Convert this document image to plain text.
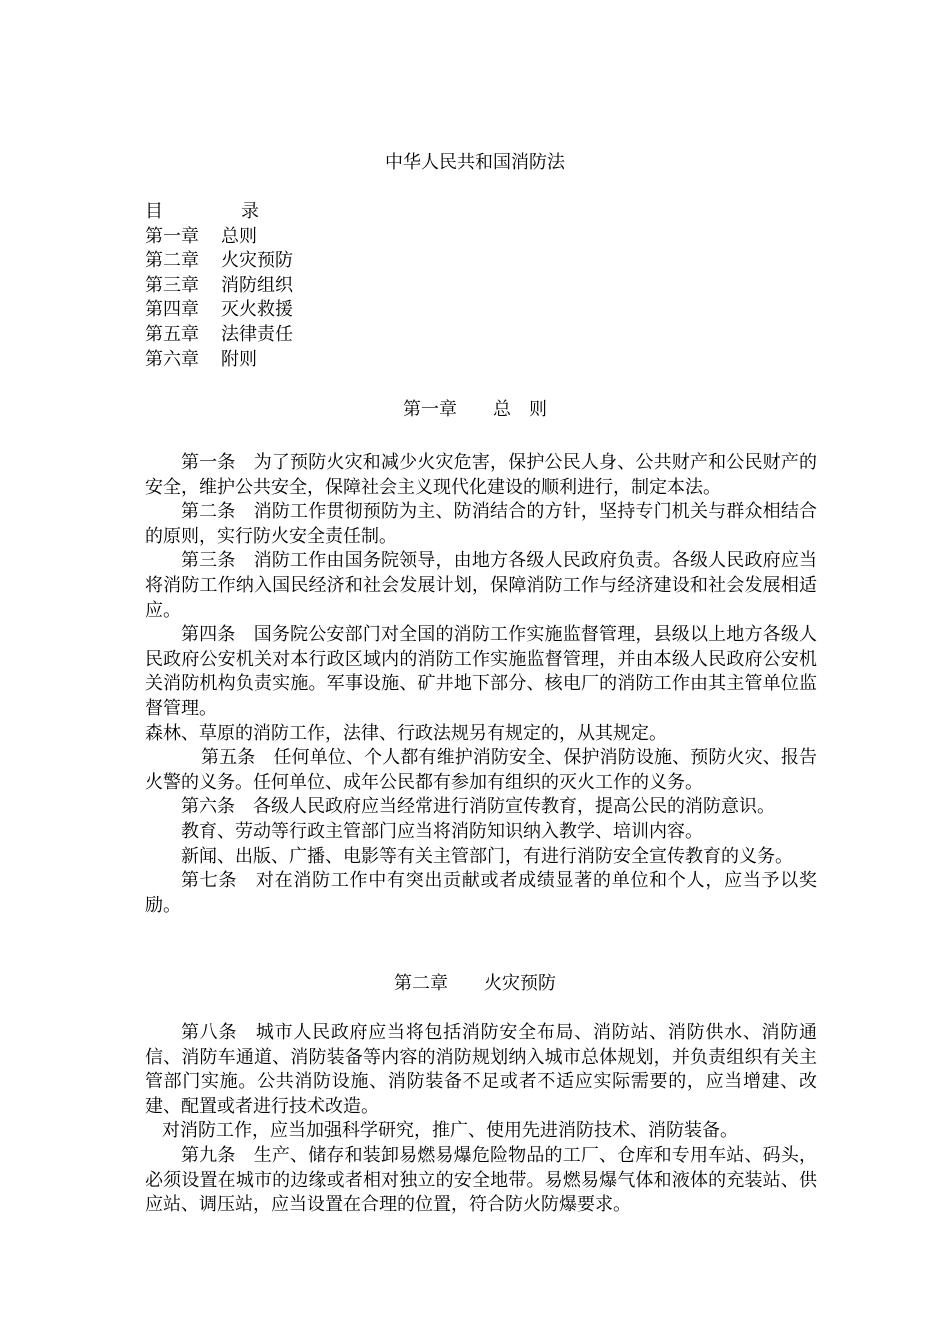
中华人民共和国消防法
目	录
第一章 总则
第二章 火灾预防
第三章 消防组织
第四章 灭火救援
第五章 法律责任
第六章 附则
第一章　　总　则

第一条　为了预防火灾和减少火灾危害，保护公民人身、公共财产和公民财产的安全，维护公共安全，保障社会主义现代化建设的顺利进行，制定本法。

第二条　消防工作贯彻预防为主、防消结合的方针，坚持专门机关与群众相结合的原则，实行防火安全责任制。

第三条　消防工作由国务院领导，由地方各级人民政府负责。各级人民政府应当将消防工作纳入国民经济和社会发展计划，保障消防工作与经济建设和社会发展相适应。

第四条　国务院公安部门对全国的消防工作实施监督管理，县级以上地方各级人民政府公安机关对本行政区域内的消防工作实施监督管理，并由本级人民政府公安机关消防机构负责实施。军事设施、矿井地下部分、核电厂的消防工作由其主管单位监督管理。

森林、草原的消防工作，法律、行政法规另有规定的，从其规定。

第五条　任何单位、个人都有维护消防安全、保护消防设施、预防火灾、报告火警的义务。任何单位、成年公民都有参加有组织的灭火工作的义务。

第六条　各级人民政府应当经常进行消防宣传教育，提高公民的消防意识。

教育、劳动等行政主管部门应当将消防知识纳入教学、培训内容。

新闻、出版、广播、电影等有关主管部门，有进行消防安全宣传教育的义务。

第七条　对在消防工作中有突出贡献或者成绩显著的单位和个人，应当予以奖励。

第二章　　火灾预防

第八条　城市人民政府应当将包括消防安全布局、消防站、消防供水、消防通信、消防车通道、消防装备等内容的消防规划纳入城市总体规划，并负责组织有关主管部门实施。公共消防设施、消防装备不足或者不适应实际需要的，应当增建、改建、配置或者进行技术改造。

对消防工作，应当加强科学研究，推广、使用先进消防技术、消防装备。

第九条　生产、储存和装卸易燃易爆危险物品的工厂、仓库和专用车站、码头，必须设置在城市的边缘或者相对独立的安全地带。易燃易爆气体和液体的充装站、供应站、调压站，应当设置在合理的位置，符合防火防爆要求。
